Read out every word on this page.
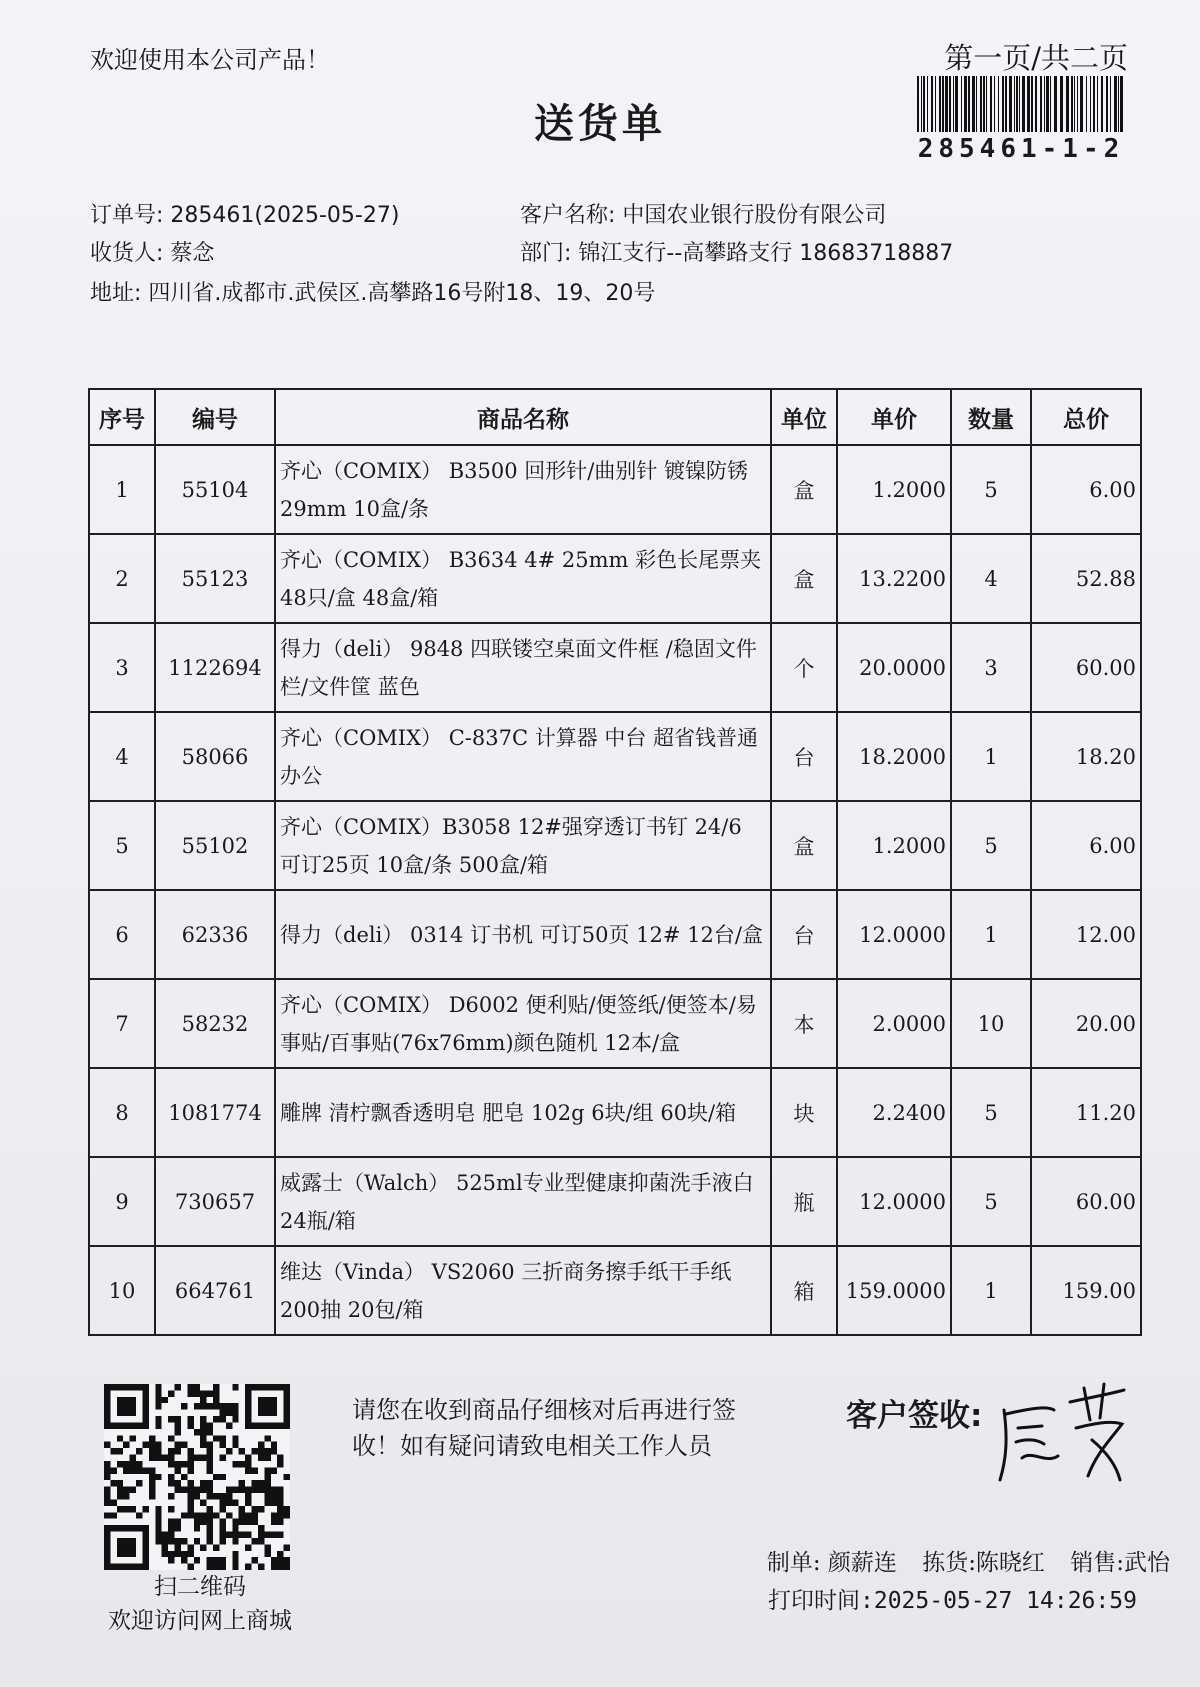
欢迎使用本公司产品！	第一页/共二页
285461-1-2
送货单
订单号: 285461(2025-05-27)	客户名称: 中国农业银行股份有限公司
收货人: 蔡念	部门: 锦江支行--高攀路支行 18683718887
地址: 四川省.成都市.武侯区.高攀路16号附18、19、20号
序号	编号	商品名称	单位	单价	数量	总价
1	55104	齐心（COMIX） B3500 回形针/曲别针 镀镍防锈29mm 10盒/条	盒	1.2000	5	6.00
2	55123	齐心（COMIX） B3634 4# 25mm 彩色长尾票夹48只/盒 48盒/箱	盒	13.2200	4	52.88
3	1122694	得力（deli） 9848 四联镂空桌面文件框 /稳固文件栏/文件筐 蓝色	个	20.0000	3	60.00
4	58066	齐心（COMIX） C-837C 计算器 中台 超省钱普通办公	台	18.2000	1	18.20
5	55102	齐心（COMIX）B3058 12#强穿透订书钉 24/6 可订25页 10盒/条 500盒/箱	盒	1.2000	5	6.00
6	62336	得力（deli） 0314 订书机 可订50页 12# 12台/盒	台	12.0000	1	12.00
7	58232	齐心（COMIX） D6002 便利贴/便签纸/便签本/易事贴/百事贴(76x76mm)颜色随机 12本/盒	本	2.0000	10	20.00
8	1081774	雕牌 清柠飘香透明皂 肥皂 102g 6块/组 60块/箱	块	2.2400	5	11.20
9	730657	威露士（Walch） 525ml专业型健康抑菌洗手液白 24瓶/箱	瓶	12.0000	5	60.00
10	664761	维达（Vinda） VS2060 三折商务擦手纸干手纸200抽 20包/箱	箱	159.0000	1	159.00
扫二维码
欢迎访问网上商城
请您在收到商品仔细核对后再进行签收！如有疑问请致电相关工作人员
客户签收:
制单: 颜薪连 拣货:陈晓红 销售:武怡
打印时间:2025-05-27 14:26:59
